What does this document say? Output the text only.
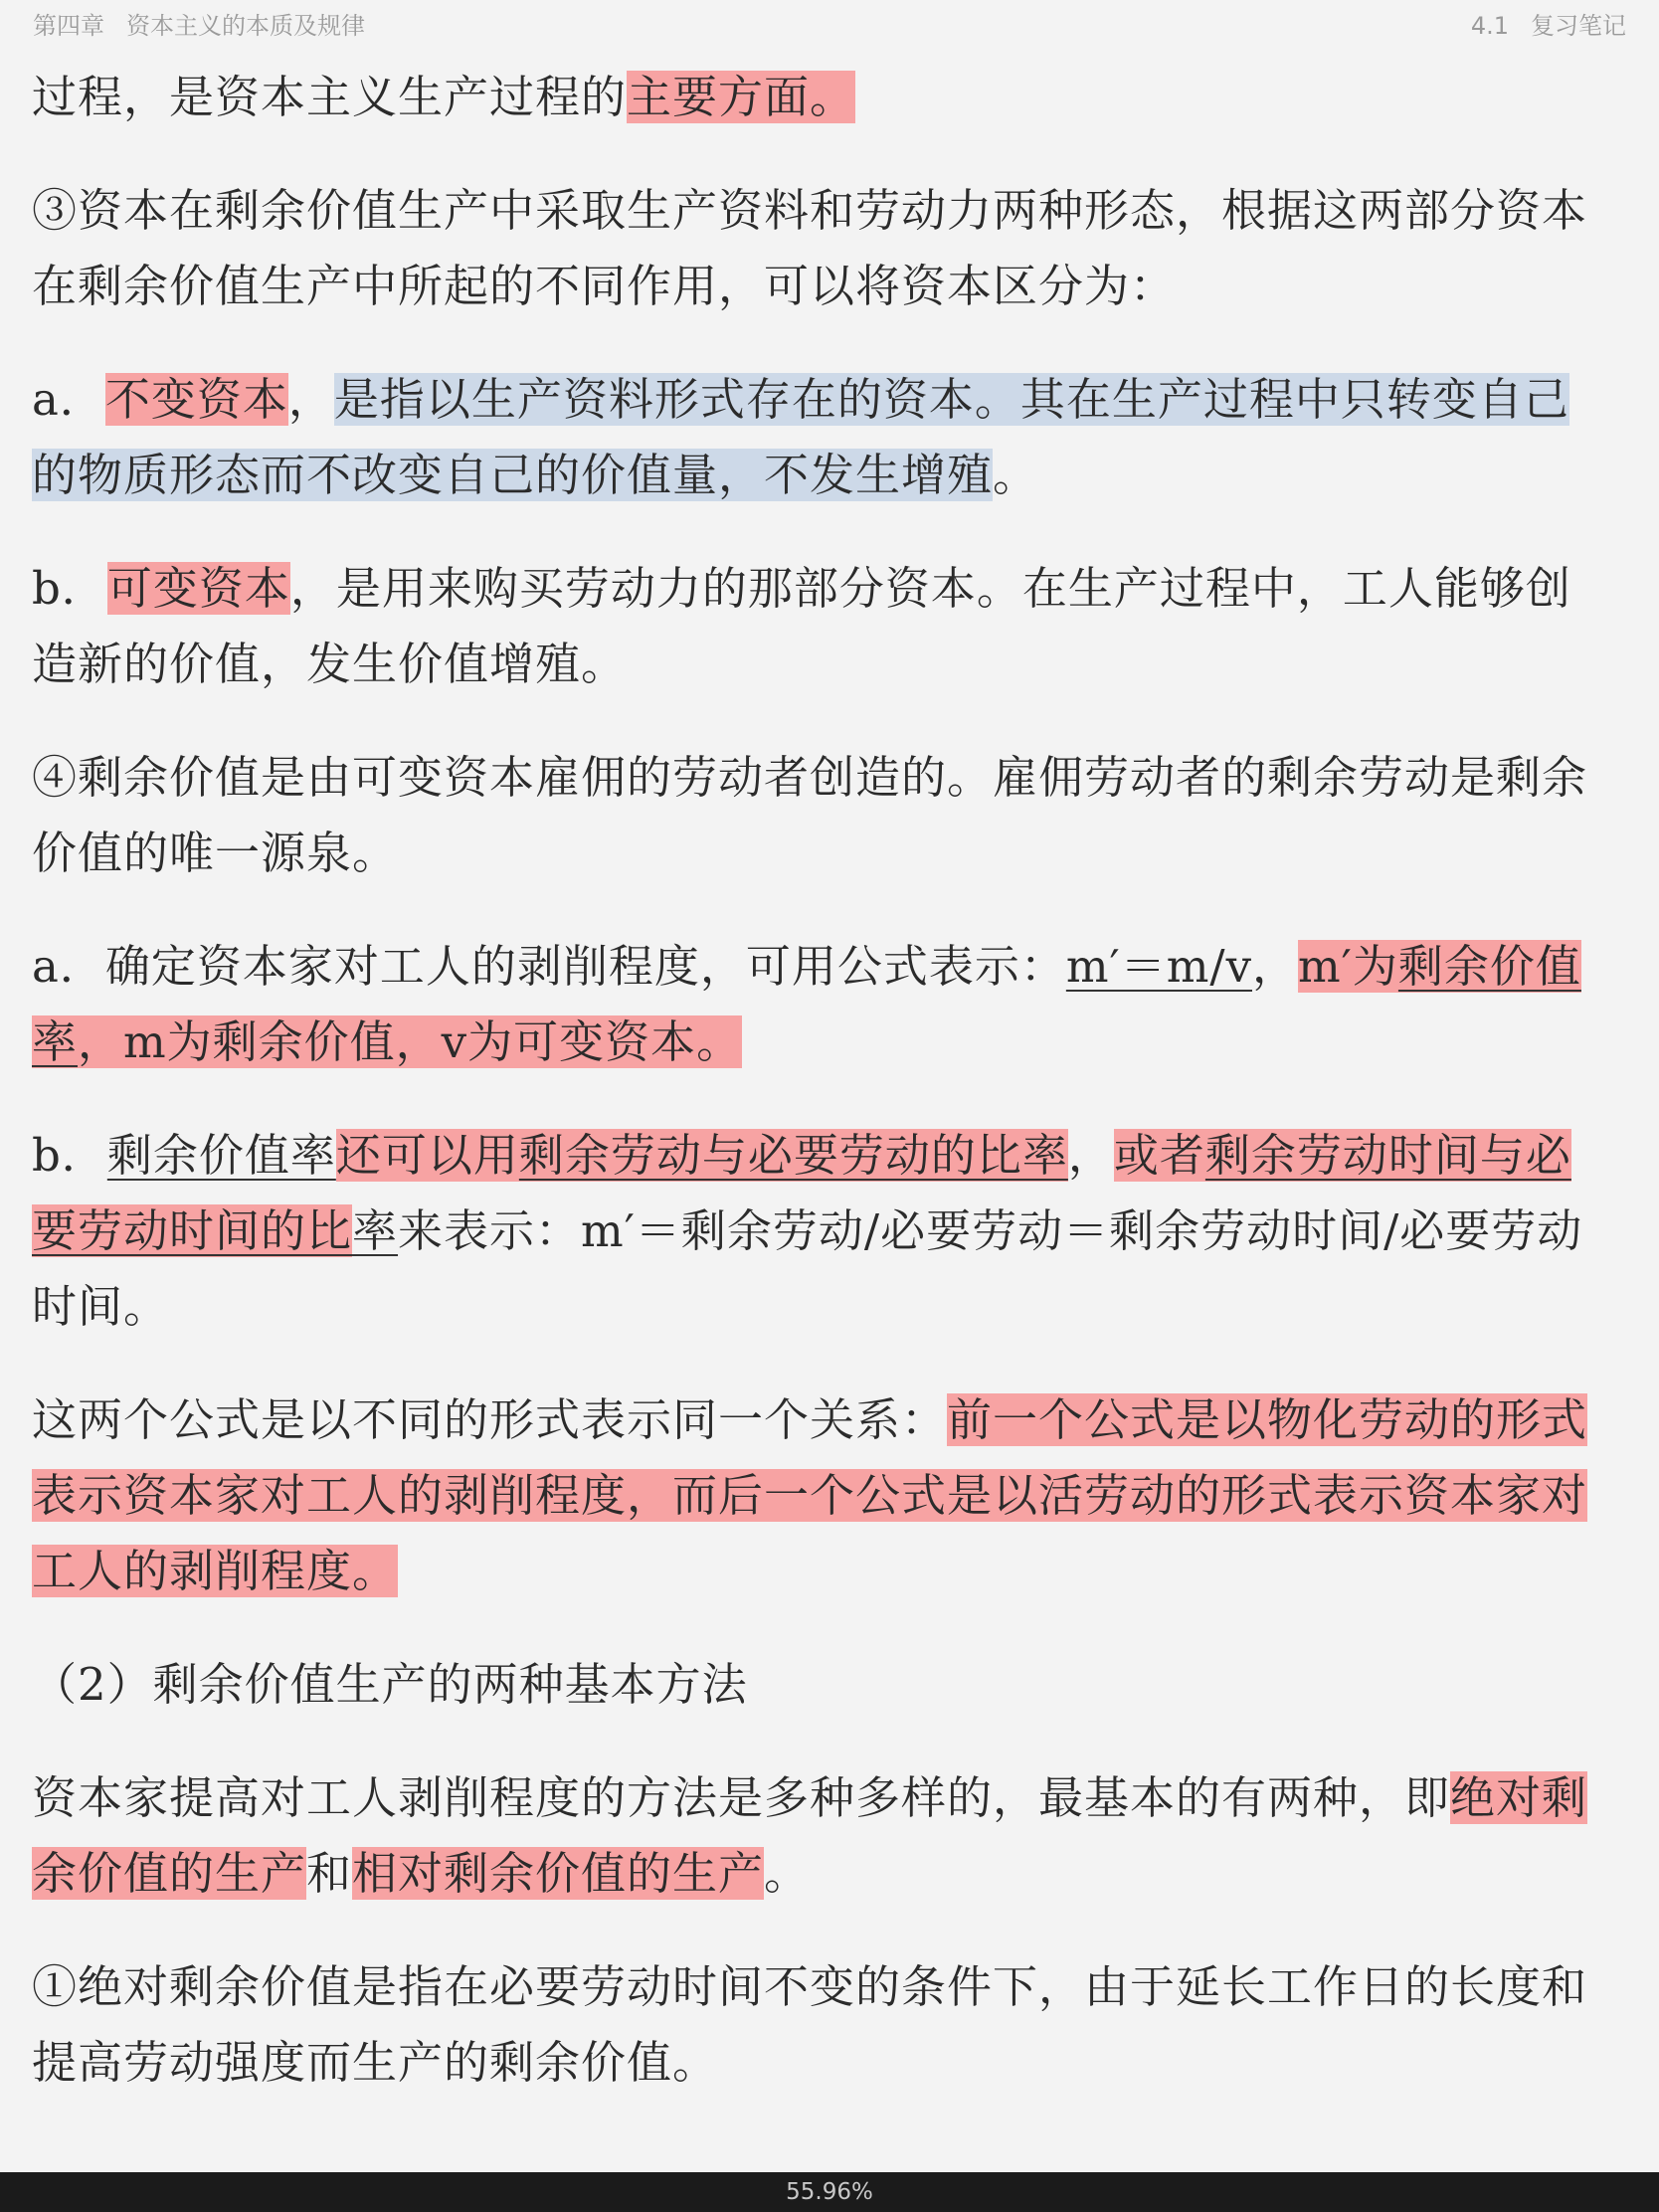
第四章 资本主义的本质及规律	4.1 复习笔记

过程，是资本主义生产过程的主要方面。

③资本在剩余价值生产中采取生产资料和劳动力两种形态，根据这两部分资本在剩余价值生产中所起的不同作用，可以将资本区分为：

a．不变资本，是指以生产资料形式存在的资本。其在生产过程中只转变自己的物质形态而不改变自己的价值量，不发生增殖。

b．可变资本，是用来购买劳动力的那部分资本。在生产过程中，工人能够创造新的价值，发生价值增殖。

④剩余价值是由可变资本雇佣的劳动者创造的。雇佣劳动者的剩余劳动是剩余价值的唯一源泉。

a．确定资本家对工人的剥削程度，可用公式表示：m′＝m/v，m′为剩余价值率，m为剩余价值，v为可变资本。

b．剩余价值率还可以用剩余劳动与必要劳动的比率，或者剩余劳动时间与必要劳动时间的比率来表示：m′＝剩余劳动/必要劳动＝剩余劳动时间/必要劳动时间。

这两个公式是以不同的形式表示同一个关系：前一个公式是以物化劳动的形式表示资本家对工人的剥削程度，而后一个公式是以活劳动的形式表示资本家对工人的剥削程度。

（2）剩余价值生产的两种基本方法

资本家提高对工人剥削程度的方法是多种多样的，最基本的有两种，即绝对剩余价值的生产和相对剩余价值的生产。

①绝对剩余价值是指在必要劳动时间不变的条件下，由于延长工作日的长度和提高劳动强度而生产的剩余价值。

55.96%
